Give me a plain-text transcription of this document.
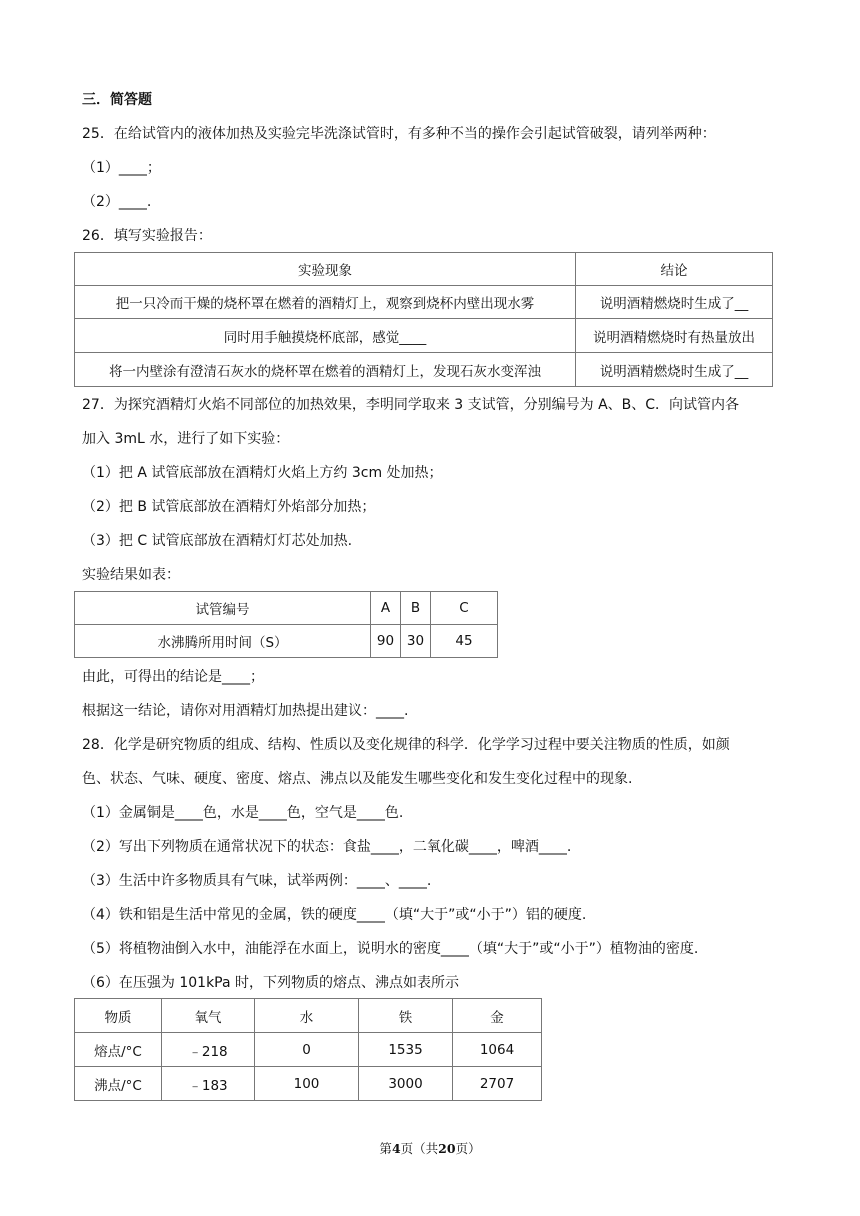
三．简答题
25．在给试管内的液体加热及实验完毕洗涤试管时，有多种不当的操作会引起试管破裂，请列举两种：
（1）____；
（2）____.
26．填写实验报告：
实验现象	结论
把一只冷而干燥的烧杯罩在燃着的酒精灯上，观察到烧杯内壁出现水雾	说明酒精燃烧时生成了__
同时用手触摸烧杯底部，感觉____	说明酒精燃烧时有热量放出
将一内壁涂有澄清石灰水的烧杯罩在燃着的酒精灯上，发现石灰水变浑浊	说明酒精燃烧时生成了__
27．为探究酒精灯火焰不同部位的加热效果，李明同学取来 3 支试管，分别编号为 A、B、C．向试管内各
加入 3mL 水，进行了如下实验：
（1）把 A 试管底部放在酒精灯火焰上方约 3cm 处加热；
（2）把 B 试管底部放在酒精灯外焰部分加热；
（3）把 C 试管底部放在酒精灯灯芯处加热.
实验结果如表：
试管编号	A	B	C
水沸腾所用时间（S）	90	30	45
由此，可得出的结论是____；
根据这一结论，请你对用酒精灯加热提出建议：____.
28．化学是研究物质的组成、结构、性质以及变化规律的科学．化学学习过程中要关注物质的性质，如颜
色、状态、气味、硬度、密度、熔点、沸点以及能发生哪些变化和发生变化过程中的现象.
（1）金属铜是____色，水是____色，空气是____色.
（2）写出下列物质在通常状况下的状态：食盐____，二氧化碳____，啤酒____.
（3）生活中许多物质具有气味，试举两例：____、____.
（4）铁和铝是生活中常见的金属，铁的硬度____（填“大于”或“小于”）铝的硬度.
（5）将植物油倒入水中，油能浮在水面上，说明水的密度____（填“大于”或“小于”）植物油的密度.
（6）在压强为 101kPa 时，下列物质的熔点、沸点如表所示
物质	氧气	水	铁	金
熔点/°C	﹣218	0	1535	1064
沸点/°C	﹣183	100	3000	2707
第4页（共20页）
